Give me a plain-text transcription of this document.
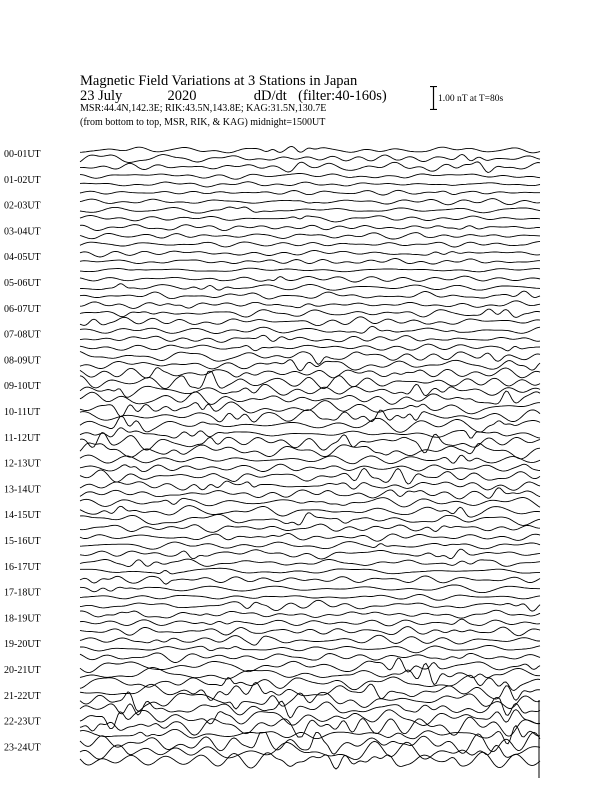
Magnetic Field Variations at 3 Stations in Japan
23 July	2020	dD/dt (filter:40-160s)
MSR:44.4N,142.3E; RIK:43.5N,143.8E; KAG:31.5N,130.7E
(from bottom to top, MSR, RIK, & KAG) midnight=1500UT
1.00 nT at T=80s
00-01UT
01-02UT
02-03UT
03-04UT
04-05UT
05-06UT
06-07UT
07-08UT
08-09UT
09-10UT
10-11UT
11-12UT
12-13UT
13-14UT
14-15UT
15-16UT
16-17UT
17-18UT
18-19UT
19-20UT
20-21UT
21-22UT
22-23UT
23-24UT
